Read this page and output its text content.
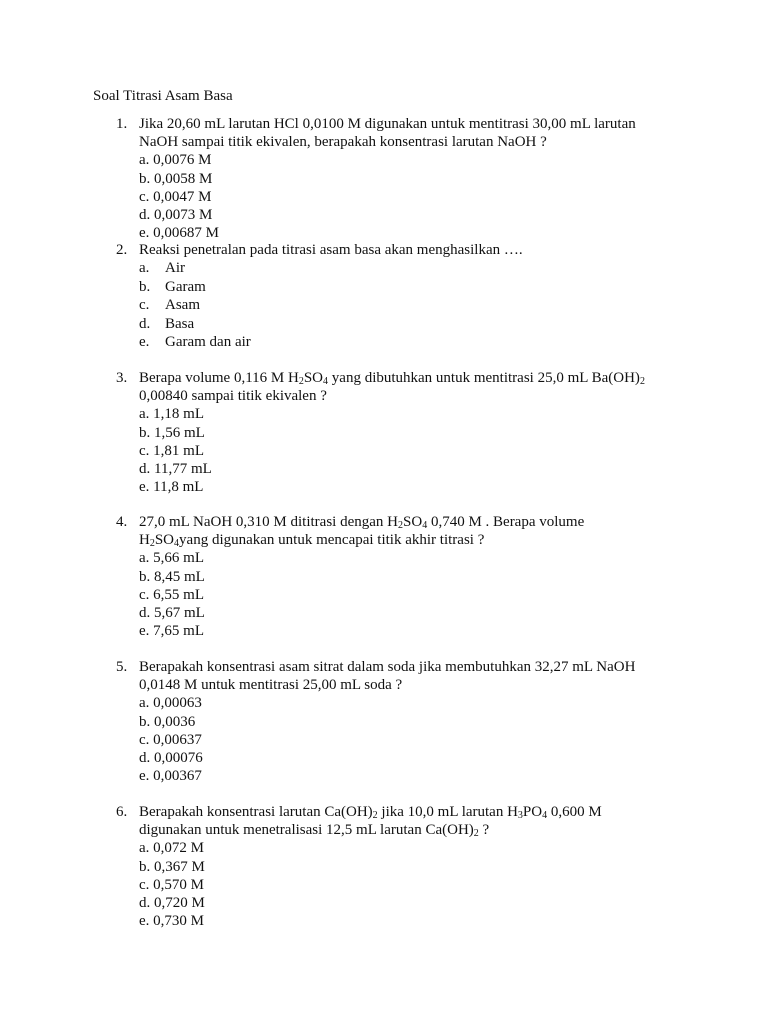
Soal Titrasi Asam Basa
1. Jika 20,60 mL larutan HCl 0,0100 M digunakan untuk mentitrasi 30,00 mL larutan
NaOH sampai titik ekivalen, berapakah konsentrasi larutan NaOH ?
a. 0,0076 M
b. 0,0058 M
c. 0,0047 M
d. 0,0073 M
e. 0,00687 M
2. Reaksi penetralan pada titrasi asam basa akan menghasilkan ….
a. Air
b. Garam
c. Asam
d. Basa
e. Garam dan air
3. Berapa volume 0,116 M $H_2SO_4$ yang dibutuhkan untuk mentitrasi 25,0 mL $Ba(OH)_2$
0,00840 sampai titik ekivalen ?
a. 1,18 mL
b. 1,56 mL
c. 1,81 mL
d. 11,77 mL
e. 11,8 mL
4. 27,0 mL NaOH 0,310 M dititrasi dengan $H_2SO_4$ 0,740 M . Berapa volume
$H_2SO_4yang$ digunakan untuk mencapai titik akhir titrasi ?
a. 5,66 mL
b. 8,45 mL
c. 6,55 mL
d. 5,67 mL
e. 7,65 mL
5. Berapakah konsentrasi asam sitrat dalam soda jika membutuhkan 32,27 mL NaOH
0,0148 M untuk mentitrasi 25,00 mL soda ?
a. 0,00063
b. 0,0036
c. 0,00637
d. 0,00076
e. 0,00367
6. Berapakah konsentrasi larutan $Ca(OH)_2$ jika 10,0 mL larutan $H_3PO_4$ 0,600 M
digunakan untuk menetralisasi 12,5 mL larutan $Ca(OH)_2$ ?
a. 0,072 M
b. 0,367 M
c. 0,570 M
d. 0,720 M
e. 0,730 M
